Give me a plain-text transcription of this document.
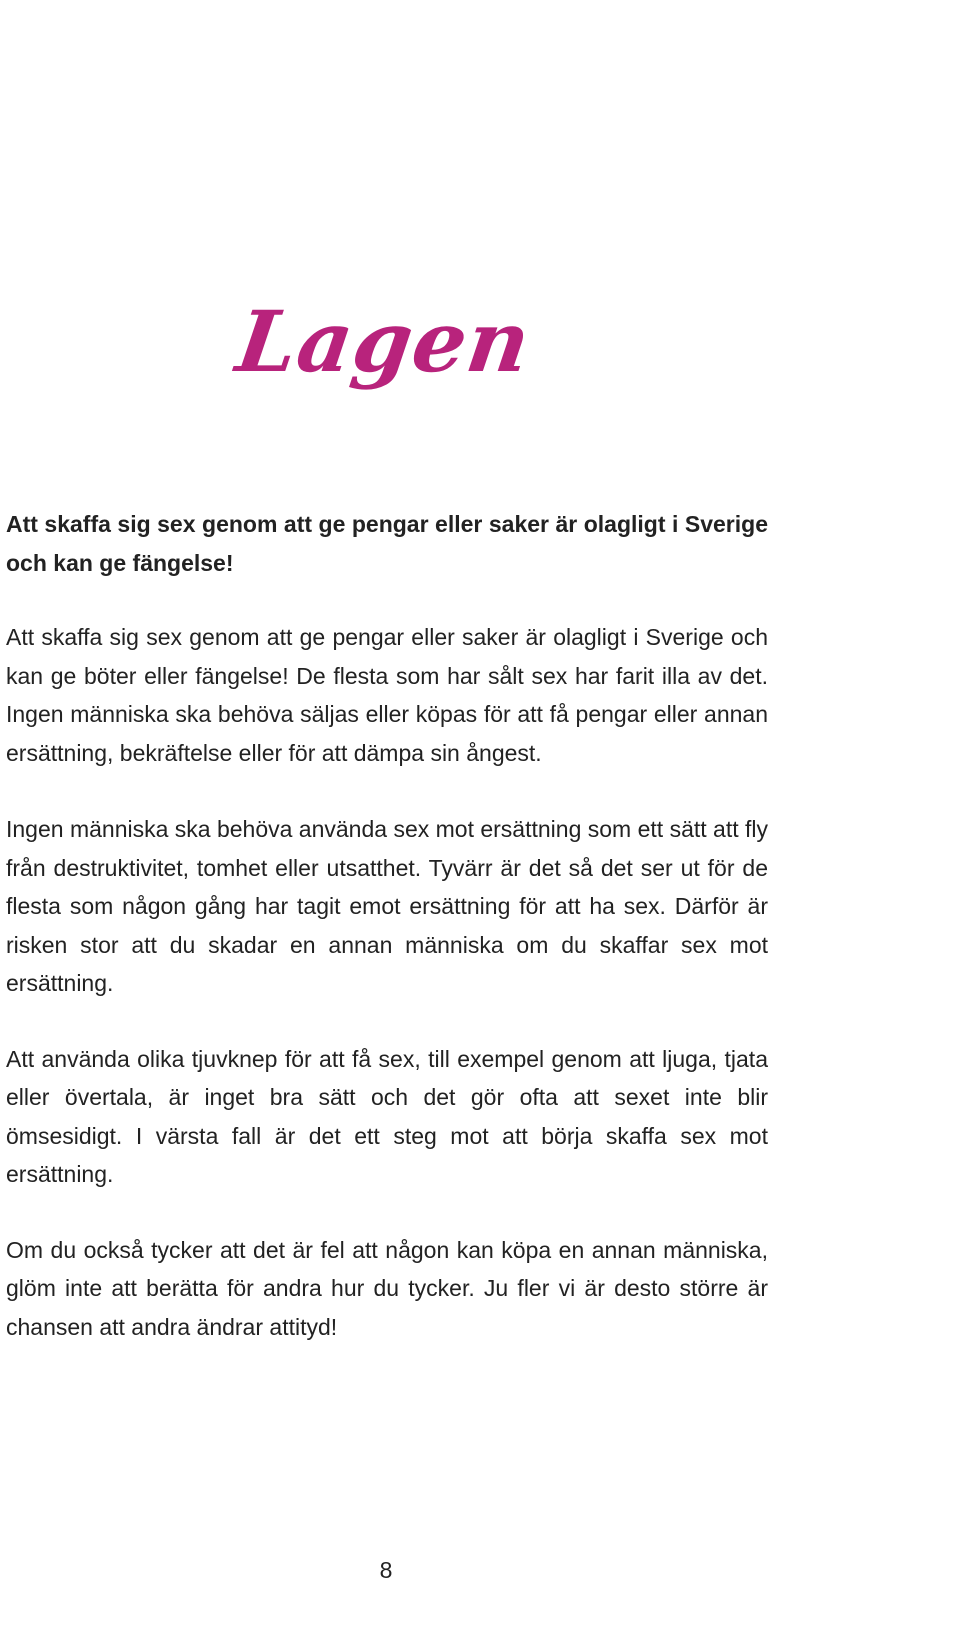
Lagen

Att skaffa sig sex genom att ge pengar eller saker är olagligt i Sverige och kan ge fängelse!

Att skaffa sig sex genom att ge pengar eller saker är olagligt i Sverige och kan ge böter eller fängelse! De flesta som har sålt sex har farit illa av det. Ingen människa ska behöva säljas eller köpas för att få pengar eller annan ersättning, bekräftelse eller för att dämpa sin ångest.

Ingen människa ska behöva använda sex mot ersättning som ett sätt att fly från destruktivitet, tomhet eller utsatthet. Tyvärr är det så det ser ut för de flesta som någon gång har tagit emot ersättning för att ha sex. Därför är risken stor att du skadar en annan människa om du skaffar sex mot ersättning.

Att använda olika tjuvknep för att få sex, till exempel genom att ljuga, tjata eller övertala, är inget bra sätt och det gör ofta att sexet inte blir ömsesidigt. I värsta fall är det ett steg mot att börja skaffa sex mot ersättning.

Om du också tycker att det är fel att någon kan köpa en annan människa, glöm inte att berätta för andra hur du tycker. Ju fler vi är desto större är chansen att andra ändrar attityd!

8
